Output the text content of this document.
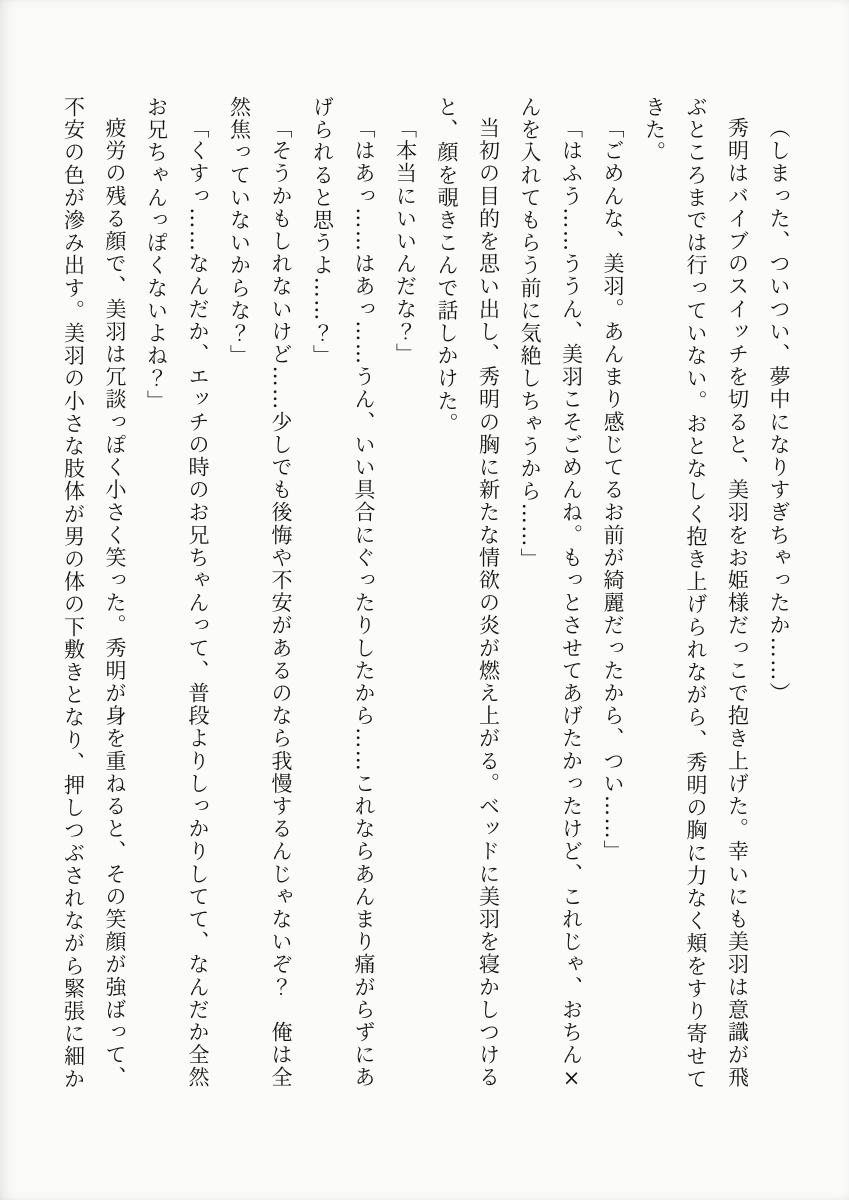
（しまった、ついつい、夢中になりすぎちゃったか……）

秀明はバイブのスイッチを切ると、美羽をお姫様だっこで抱き上げた。幸いにも美羽は意識が飛ぶところまでは行っていない。おとなしく抱き上げられながら、秀明の胸に力なく頬をすり寄せてきた。

「ごめんな、美羽。あんまり感じてるお前が綺麗だったから、つい……」

「はふう……ううん、美羽こそごめんね。もっとさせてあげたかったけど、これじゃ、おちん×んを入れてもらう前に気絶しちゃうから……」

当初の目的を思い出し、秀明の胸に新たな情欲の炎が燃え上がる。ベッドに美羽を寝かしつけると、顔を覗きこんで話しかけた。

「本当にいいんだな？」

「はあっ……はあっ……うん、いい具合にぐったりしたから……これならあんまり痛がらずにあげられると思うよ……？」

「そうかもしれないけど……少しでも後悔や不安があるのなら我慢するんじゃないぞ？　俺は全然焦っていないからな？」

「くすっ……なんだか、エッチの時のお兄ちゃんって、普段よりしっかりしてて、なんだか全然お兄ちゃんっぽくないよね？」

疲労の残る顔で、美羽は冗談っぽく小さく笑った。秀明が身を重ねると、その笑顔が強ばって、不安の色が滲み出す。美羽の小さな肢体が男の体の下敷きとなり、押しつぶされながら緊張に細か
